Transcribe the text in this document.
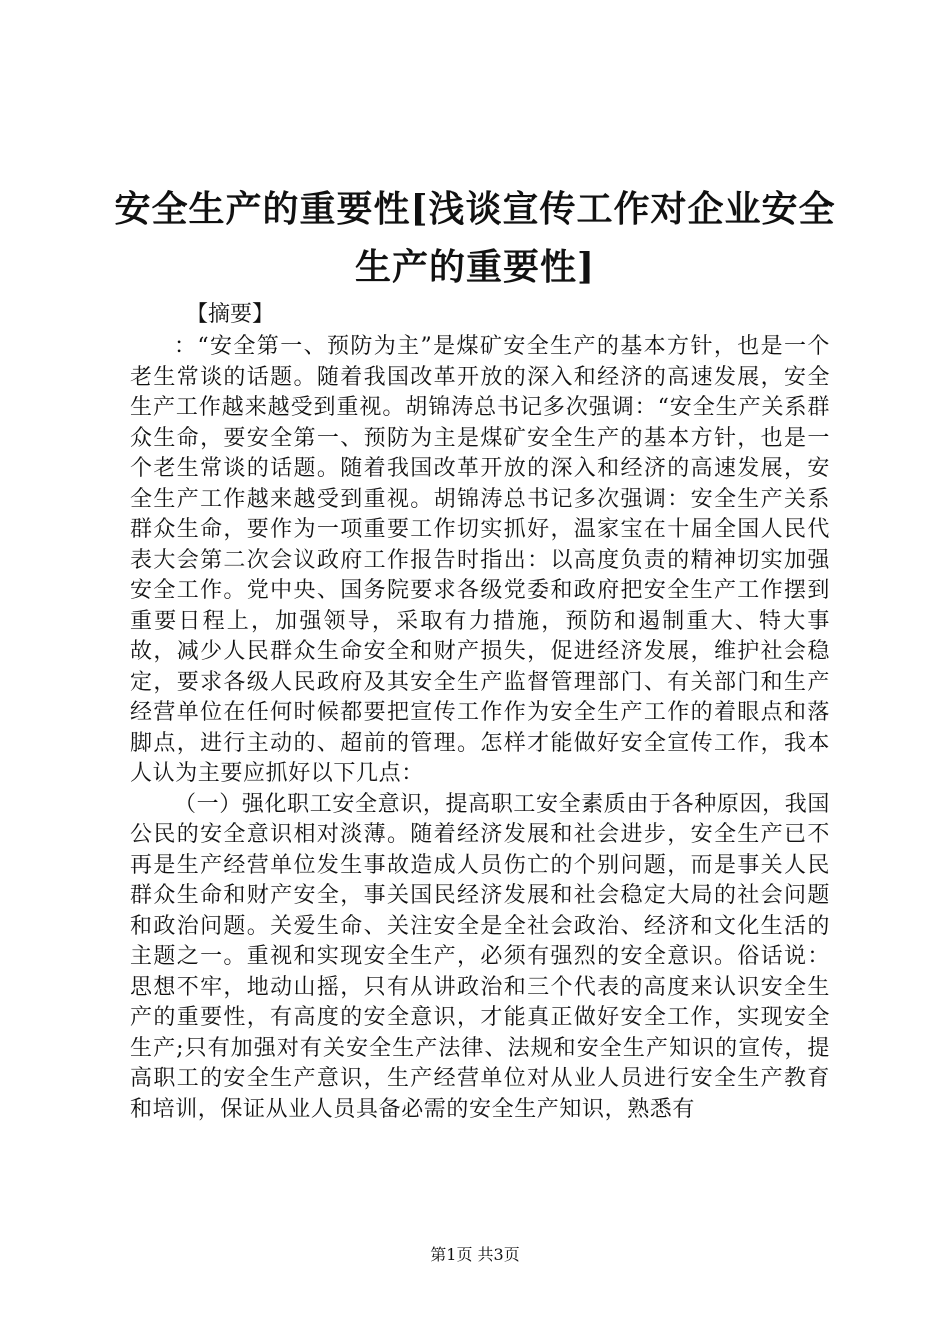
安全生产的重要性[浅谈宣传工作对企业安全生产的重要性]
【摘要】

：“安全第一、预防为主”是煤矿安全生产的基本方针，也是一个老生常谈的话题。随着我国改革开放的深入和经济的高速发展，安全生产工作越来越受到重视。胡锦涛总书记多次强调：“安全生产关系群众生命，要安全第一、预防为主是煤矿安全生产的基本方针，也是一个老生常谈的话题。随着我国改革开放的深入和经济的高速发展，安全生产工作越来越受到重视。胡锦涛总书记多次强调：安全生产关系群众生命，要作为一项重要工作切实抓好，温家宝在十届全国人民代表大会第二次会议政府工作报告时指出：以高度负责的精神切实加强安全工作。党中央、国务院要求各级党委和政府把安全生产工作摆到重要日程上，加强领导，采取有力措施，预防和遏制重大、特大事故，减少人民群众生命安全和财产损失，促进经济发展，维护社会稳定，要求各级人民政府及其安全生产监督管理部门、有关部门和生产经营单位在任何时候都要把宣传工作作为安全生产工作的着眼点和落脚点，进行主动的、超前的管理。怎样才能做好安全宣传工作，我本人认为主要应抓好以下几点：

（一）强化职工安全意识，提高职工安全素质由于各种原因，我国公民的安全意识相对淡薄。随着经济发展和社会进步，安全生产已不再是生产经营单位发生事故造成人员伤亡的个别问题，而是事关人民群众生命和财产安全，事关国民经济发展和社会稳定大局的社会问题和政治问题。关爱生命、关注安全是全社会政治、经济和文化生活的主题之一。重视和实现安全生产，必须有强烈的安全意识。俗话说：思想不牢，地动山摇，只有从讲政治和三个代表的高度来认识安全生产的重要性，有高度的安全意识，才能真正做好安全工作，实现安全生产;只有加强对有关安全生产法律、法规和安全生产知识的宣传，提高职工的安全生产意识，生产经营单位对从业人员进行安全生产教育和培训，保证从业人员具备必需的安全生产知识，熟悉有

第1页 共3页
